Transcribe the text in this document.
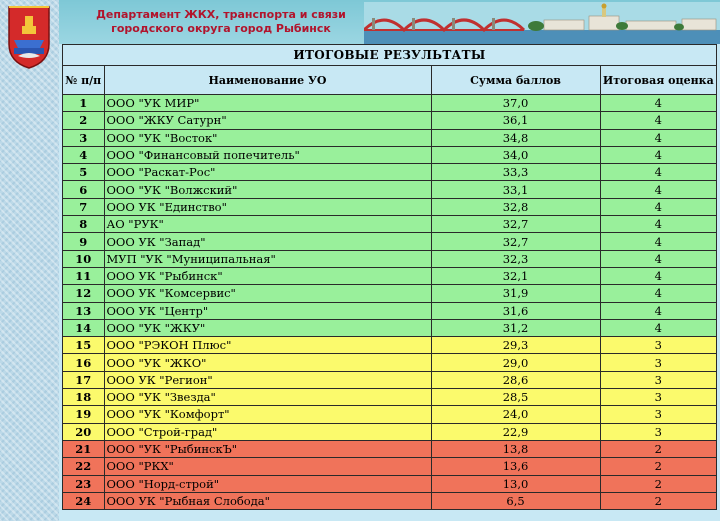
Департамент ЖКХ, транспорта и связи
городского округа город Рыбинск
ИТОГОВЫЕ РЕЗУЛЬТАТЫ			
№ п/п	Наименование УО	Сумма баллов	Итоговая оценка
1	ООО "УК МИР"	37,0	4
2	ООО "ЖКУ Сатурн"	36,1	4
3	ООО "УК "Восток"	34,8	4
4	ООО "Финансовый попечитель"	34,0	4
5	ООО "Раскат-Рос"	33,3	4
6	ООО "УК "Волжский"	33,1	4
7	ООО УК "Единство"	32,8	4
8	АО "РУК"	32,7	4
9	ООО УК "Запад"	32,7	4
10	МУП "УК "Муниципальная"	32,3	4
11	ООО УК "Рыбинск"	32,1	4
12	ООО УК "Комсервис"	31,9	4
13	ООО УК "Центр"	31,6	4
14	ООО "УК "ЖКУ"	31,2	4
15	ООО "РЭКОН Плюс"	29,3	3
16	ООО "УК "ЖКО"	29,0	3
17	ООО УК "Регион"	28,6	3
18	ООО "УК "Звезда"	28,5	3
19	ООО "УК "Комфорт"	24,0	3
20	ООО "Строй-град"	22,9	3
21	ООО "УК "РыбинскЪ"	13,8	2
22	ООО "РКХ"	13,6	2
23	ООО "Норд-строй"	13,0	2
24	ООО УК "Рыбная Слобода"	6,5	2
